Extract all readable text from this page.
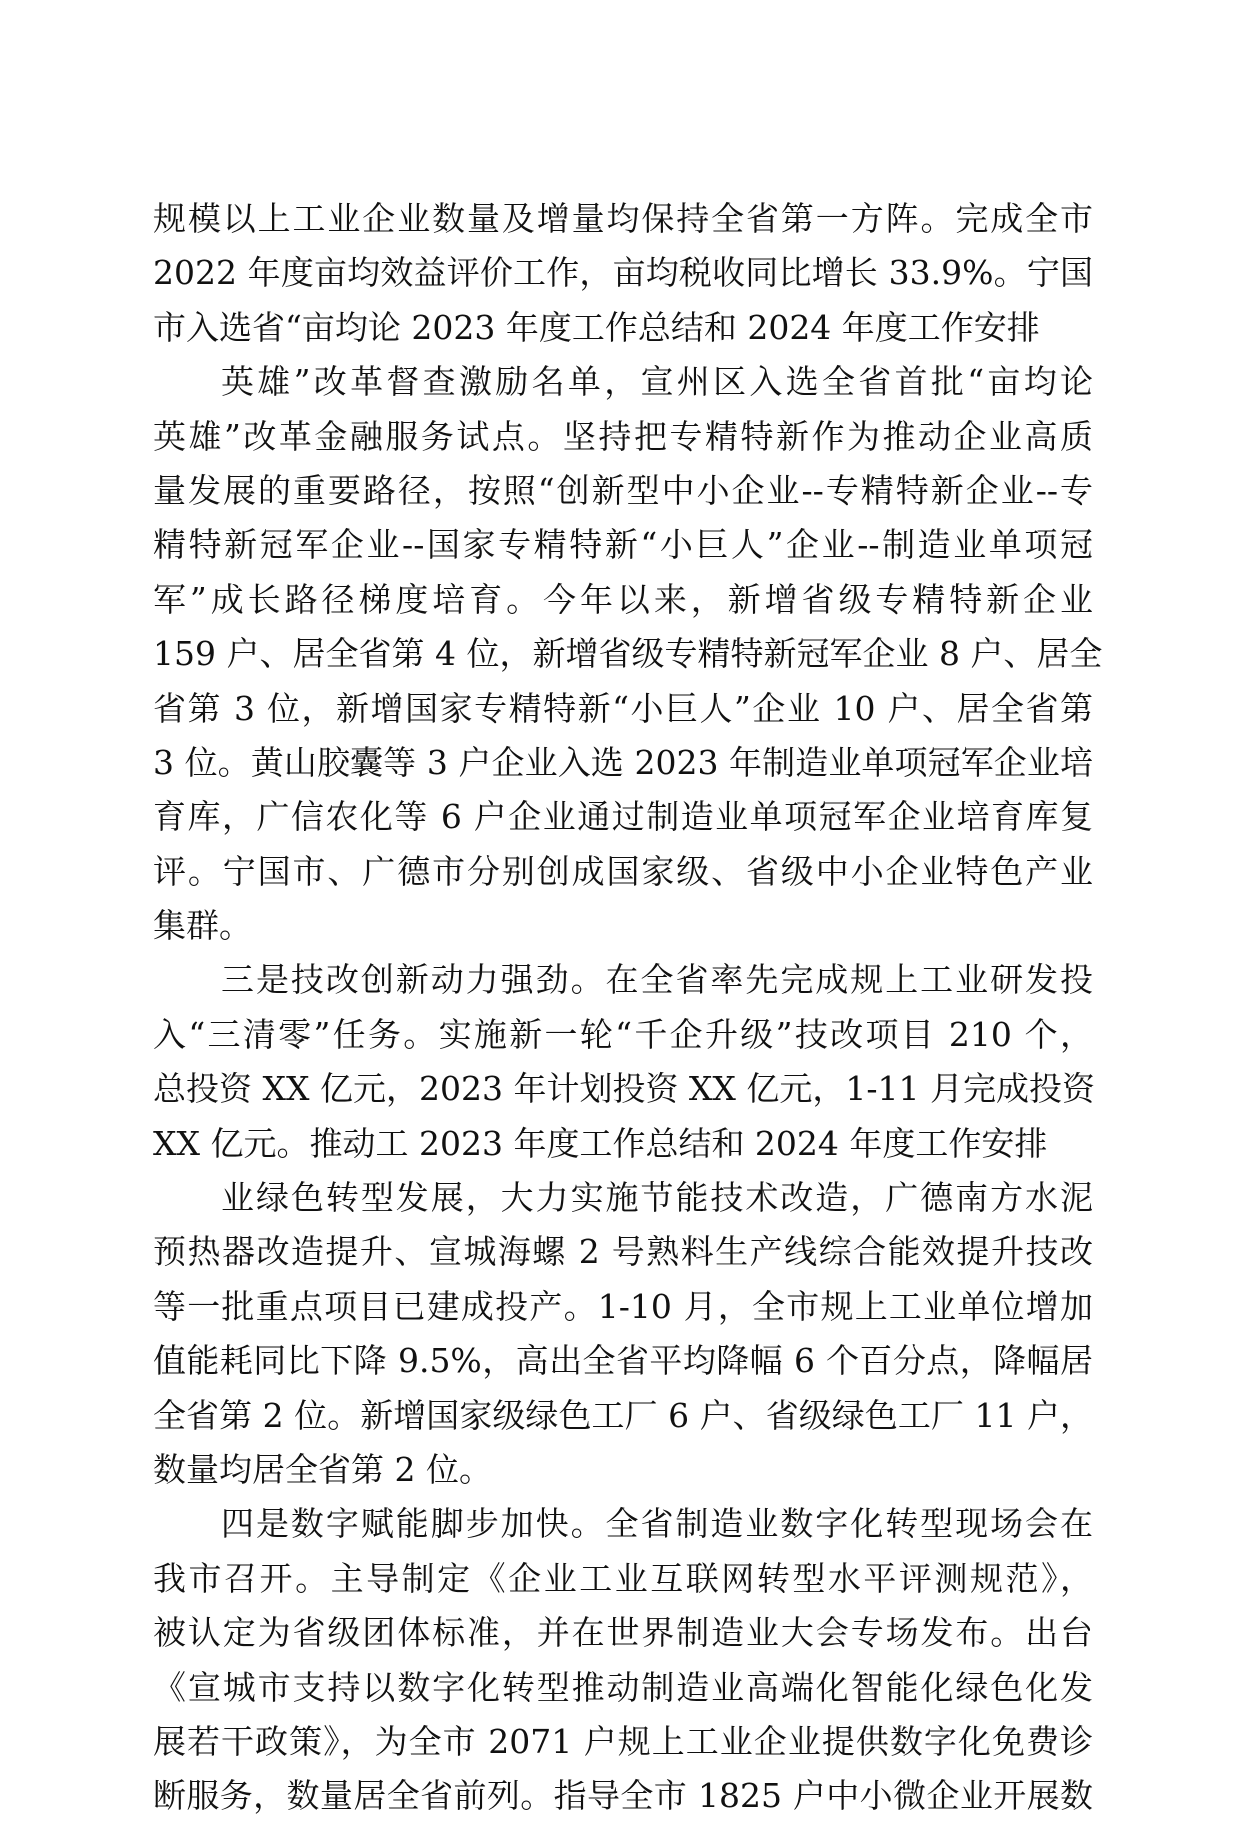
规模以上工业企业数量及增量均保持全省第一方阵。完成全市
2022 年度亩均效益评价工作，亩均税收同比增长 33.9%。宁国
市入选省“亩均论 2023 年度工作总结和 2024 年度工作安排
英雄”改革督查激励名单，宣州区入选全省首批“亩均论
英雄”改革金融服务试点。坚持把专精特新作为推动企业高质
量发展的重要路径，按照“创新型中小企业--专精特新企业--专
精特新冠军企业--国家专精特新“小巨人”企业--制造业单项冠
军”成长路径梯度培育。今年以来，新增省级专精特新企业
159 户、居全省第 4 位，新增省级专精特新冠军企业 8 户、居全
省第 3 位，新增国家专精特新“小巨人”企业 10 户、居全省第
3 位。黄山胶囊等 3 户企业入选 2023 年制造业单项冠军企业培
育库，广信农化等 6 户企业通过制造业单项冠军企业培育库复
评。宁国市、广德市分别创成国家级、省级中小企业特色产业
集群。
三是技改创新动力强劲。在全省率先完成规上工业研发投
入“三清零”任务。实施新一轮“千企升级”技改项目 210 个，
总投资 XX 亿元，2023 年计划投资 XX 亿元，1-11 月完成投资
XX 亿元。推动工 2023 年度工作总结和 2024 年度工作安排
业绿色转型发展，大力实施节能技术改造，广德南方水泥
预热器改造提升、宣城海螺 2 号熟料生产线综合能效提升技改
等一批重点项目已建成投产。1-10 月，全市规上工业单位增加
值能耗同比下降 9.5%，高出全省平均降幅 6 个百分点，降幅居
全省第 2 位。新增国家级绿色工厂 6 户、省级绿色工厂 11 户，
数量均居全省第 2 位。
四是数字赋能脚步加快。全省制造业数字化转型现场会在
我市召开。主导制定《企业工业互联网转型水平评测规范》，
被认定为省级团体标准，并在世界制造业大会专场发布。出台
《宣城市支持以数字化转型推动制造业高端化智能化绿色化发
展若干政策》，为全市 2071 户规上工业企业提供数字化免费诊
断服务，数量居全省前列。指导全市 1825 户中小微企业开展数
